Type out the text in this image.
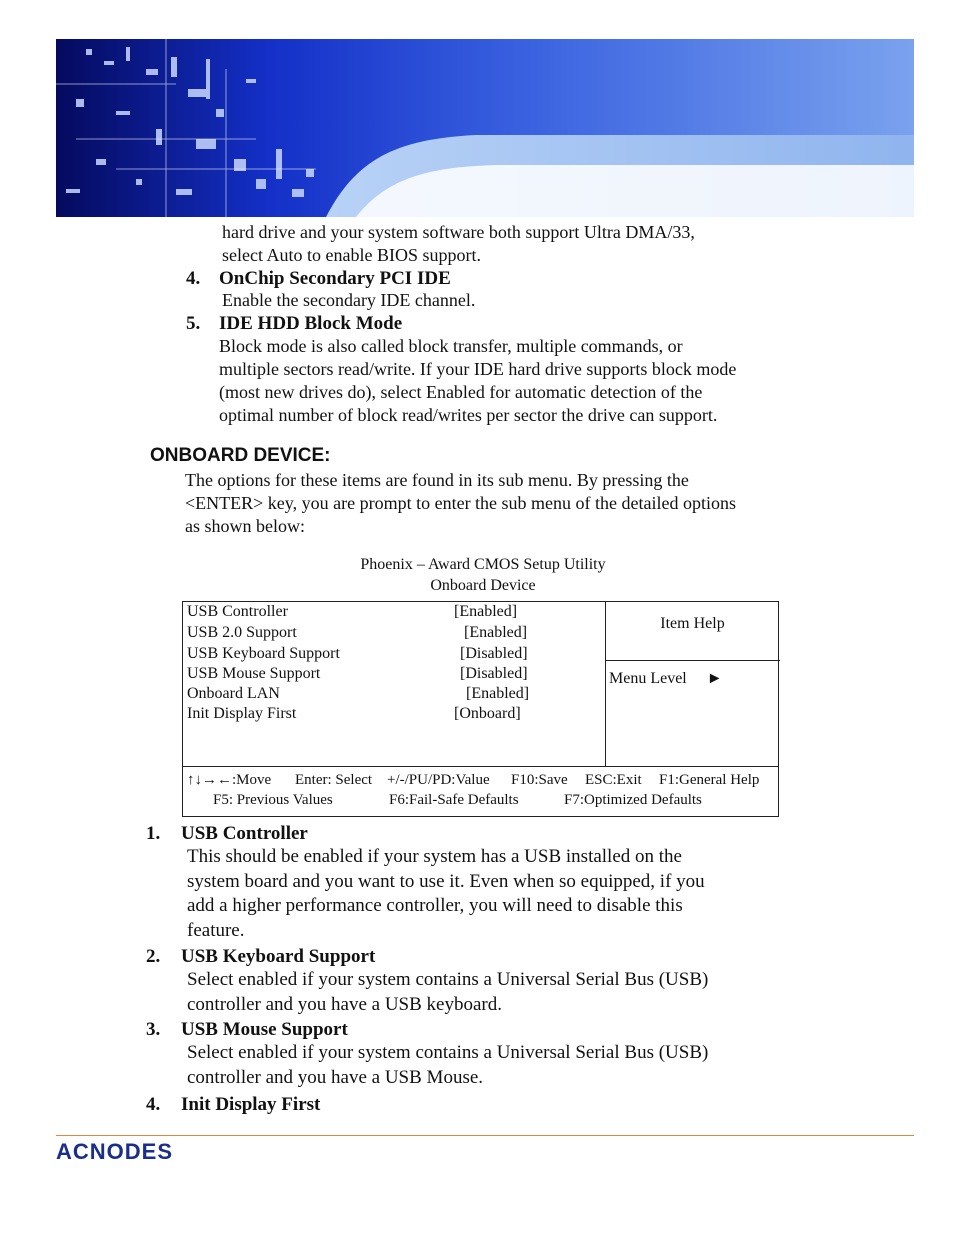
hard drive and your system software both support Ultra DMA/33,

select Auto to enable BIOS support.

4. OnChip Secondary PCI IDE

Enable the secondary IDE channel.

5. IDE HDD Block Mode

Block mode is also called block transfer, multiple commands, or

multiple sectors read/write. If your IDE hard drive supports block mode

(most new drives do), select Enabled for automatic detection of the

optimal number of block read/writes per sector the drive can support.

ONBOARD DEVICE:

The options for these items are found in its sub menu. By pressing the

<ENTER> key, you are prompt to enter the sub menu of the detailed options

as shown below:

Phoenix – Award CMOS Setup Utility
Onboard Device
USB Controller	[Enabled]
USB 2.0 Support	[Enabled]
USB Keyboard Support	[Disabled]
USB Mouse Support	[Disabled]
Onboard LAN	[Enabled]
Init Display First	[Onboard]
Item Help
Menu Level ►
↑↓→←:Move Enter: Select +/-/PU/PD:Value F10:Save ESC:Exit F1:General Help
F5: Previous Values	F6:Fail-Safe Defaults	F7:Optimized Defaults
1. USB Controller

This should be enabled if your system has a USB installed on the

system board and you want to use it. Even when so equipped, if you

add a higher performance controller, you will need to disable this

feature.

2. USB Keyboard Support

Select enabled if your system contains a Universal Serial Bus (USB)

controller and you have a USB keyboard.

3. USB Mouse Support

Select enabled if your system contains a Universal Serial Bus (USB)

controller and you have a USB Mouse.

4. Init Display First
ACNODES
